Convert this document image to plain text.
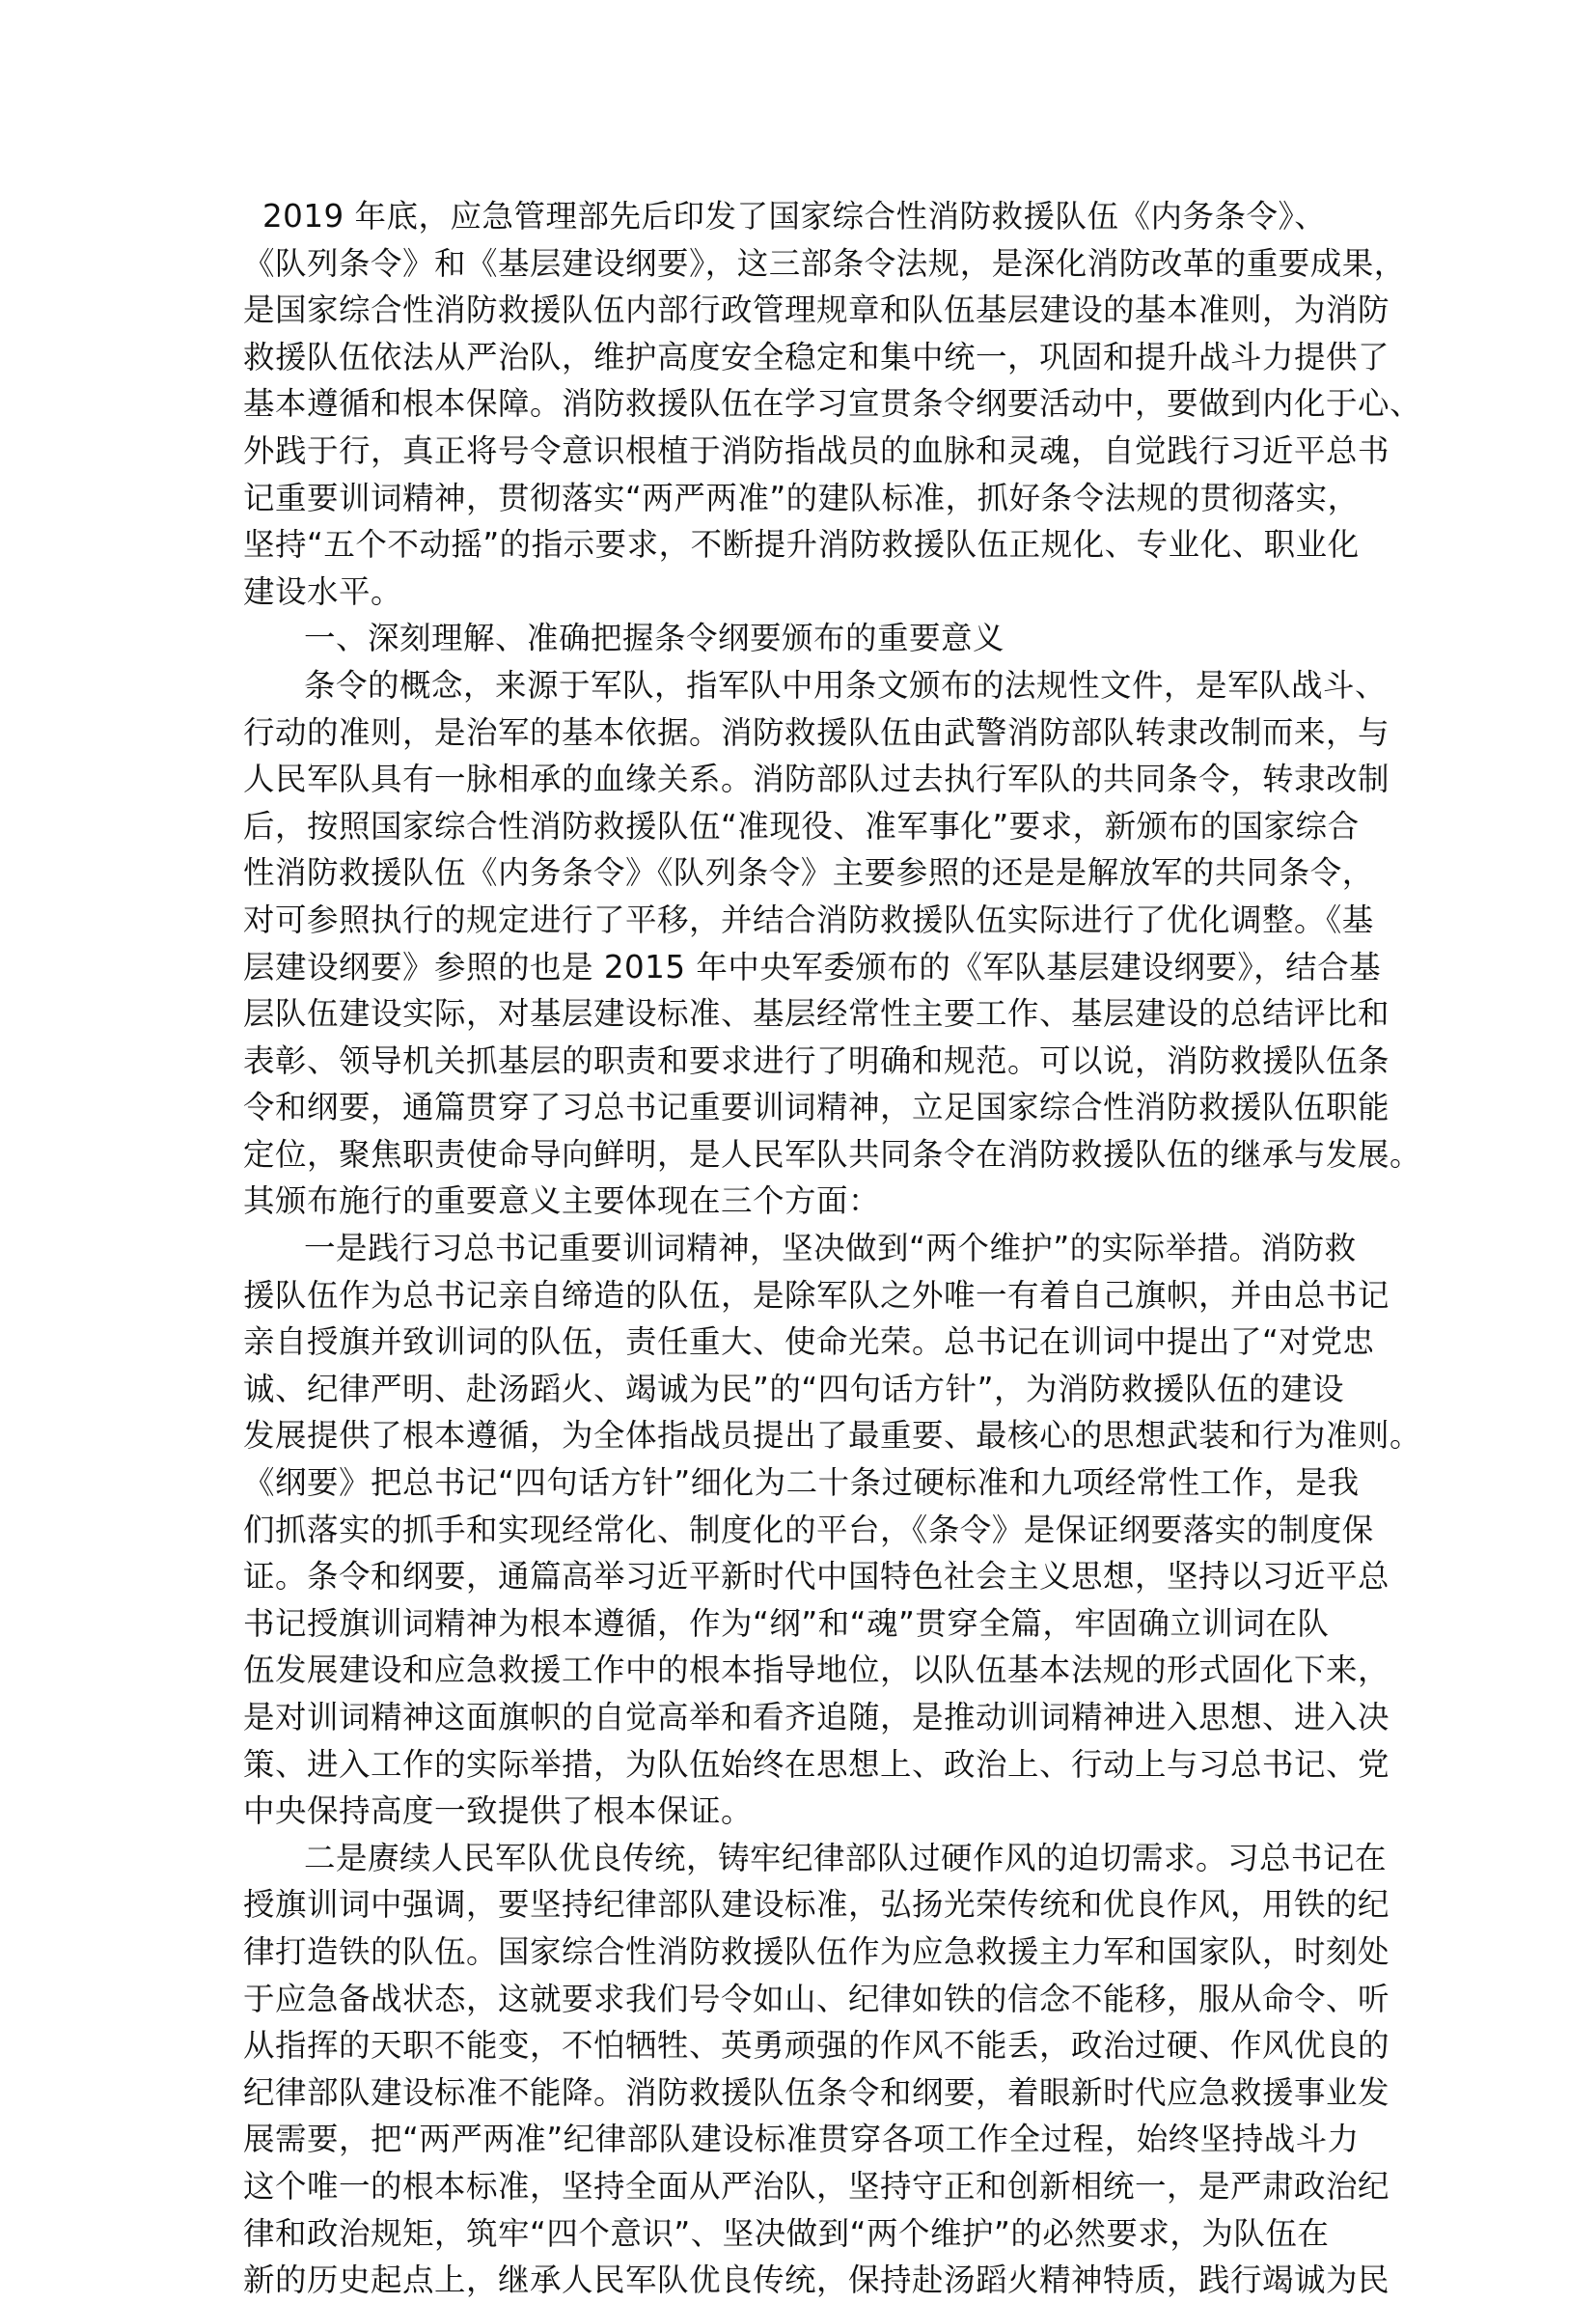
2019 年底，应急管理部先后印发了国家综合性消防救援队伍《内务条令》、
《队列条令》和《基层建设纲要》，这三部条令法规，是深化消防改革的重要成果，
是国家综合性消防救援队伍内部行政管理规章和队伍基层建设的基本准则，为消防
救援队伍依法从严治队，维护高度安全稳定和集中统一，巩固和提升战斗力提供了
基本遵循和根本保障。消防救援队伍在学习宣贯条令纲要活动中，要做到内化于心、
外践于行，真正将号令意识根植于消防指战员的血脉和灵魂，自觉践行习近平总书
记重要训词精神，贯彻落实“两严两准”的建队标准，抓好条令法规的贯彻落实，
坚持“五个不动摇”的指示要求，不断提升消防救援队伍正规化、专业化、职业化
建设水平。
一、深刻理解、准确把握条令纲要颁布的重要意义
条令的概念，来源于军队，指军队中用条文颁布的法规性文件，是军队战斗、
行动的准则，是治军的基本依据。消防救援队伍由武警消防部队转隶改制而来，与
人民军队具有一脉相承的血缘关系。消防部队过去执行军队的共同条令，转隶改制
后，按照国家综合性消防救援队伍“准现役、准军事化”要求，新颁布的国家综合
性消防救援队伍《内务条令》《队列条令》主要参照的还是是解放军的共同条令，
对可参照执行的规定进行了平移，并结合消防救援队伍实际进行了优化调整。《基
层建设纲要》参照的也是 2015 年中央军委颁布的《军队基层建设纲要》，结合基
层队伍建设实际，对基层建设标准、基层经常性主要工作、基层建设的总结评比和
表彰、领导机关抓基层的职责和要求进行了明确和规范。可以说，消防救援队伍条
令和纲要，通篇贯穿了习总书记重要训词精神，立足国家综合性消防救援队伍职能
定位，聚焦职责使命导向鲜明，是人民军队共同条令在消防救援队伍的继承与发展。
其颁布施行的重要意义主要体现在三个方面：
一是践行习总书记重要训词精神，坚决做到“两个维护”的实际举措。消防救
援队伍作为总书记亲自缔造的队伍，是除军队之外唯一有着自己旗帜，并由总书记
亲自授旗并致训词的队伍，责任重大、使命光荣。总书记在训词中提出了“对党忠
诚、纪律严明、赴汤蹈火、竭诚为民”的“四句话方针”，为消防救援队伍的建设
发展提供了根本遵循，为全体指战员提出了最重要、最核心的思想武装和行为准则。
《纲要》把总书记“四句话方针”细化为二十条过硬标准和九项经常性工作，是我
们抓落实的抓手和实现经常化、制度化的平台，《条令》是保证纲要落实的制度保
证。条令和纲要，通篇高举习近平新时代中国特色社会主义思想，坚持以习近平总
书记授旗训词精神为根本遵循，作为“纲”和“魂”贯穿全篇，牢固确立训词在队
伍发展建设和应急救援工作中的根本指导地位，以队伍基本法规的形式固化下来，
是对训词精神这面旗帜的自觉高举和看齐追随，是推动训词精神进入思想、进入决
策、进入工作的实际举措，为队伍始终在思想上、政治上、行动上与习总书记、党
中央保持高度一致提供了根本保证。
二是赓续人民军队优良传统，铸牢纪律部队过硬作风的迫切需求。习总书记在
授旗训词中强调，要坚持纪律部队建设标准，弘扬光荣传统和优良作风，用铁的纪
律打造铁的队伍。国家综合性消防救援队伍作为应急救援主力军和国家队，时刻处
于应急备战状态，这就要求我们号令如山、纪律如铁的信念不能移，服从命令、听
从指挥的天职不能变，不怕牺牲、英勇顽强的作风不能丢，政治过硬、作风优良的
纪律部队建设标准不能降。消防救援队伍条令和纲要，着眼新时代应急救援事业发
展需要，把“两严两准”纪律部队建设标准贯穿各项工作全过程，始终坚持战斗力
这个唯一的根本标准，坚持全面从严治队，坚持守正和创新相统一，是严肃政治纪
律和政治规矩，筑牢“四个意识”、坚决做到“两个维护”的必然要求，为队伍在
新的历史起点上，继承人民军队优良传统，保持赴汤蹈火精神特质，践行竭诚为民
